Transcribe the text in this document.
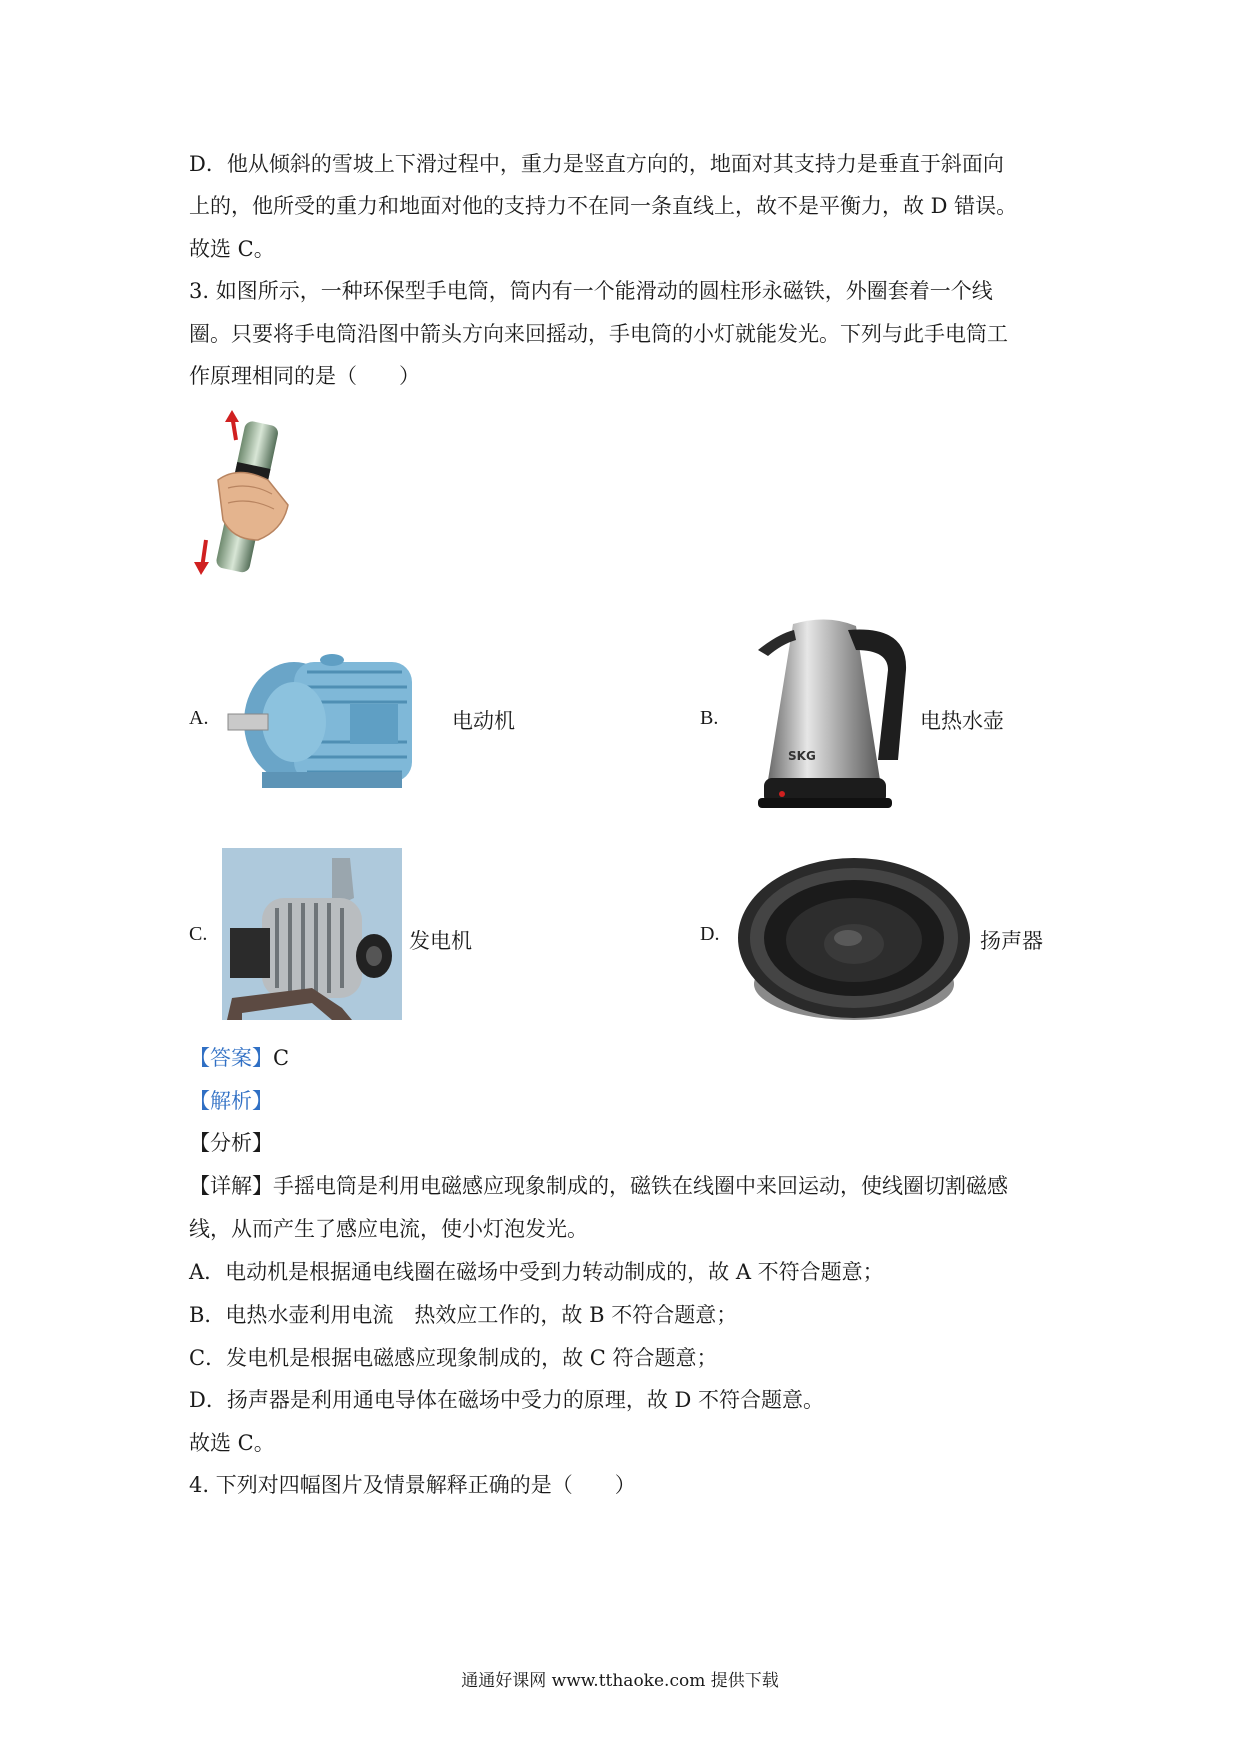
D．他从倾斜的雪坡上下滑过程中，重力是竖直方向的，地面对其支持力是垂直于斜面向
上的，他所受的重力和地面对他的支持力不在同一条直线上，故不是平衡力，故 D 错误。
故选 C。
3. 如图所示，一种环保型手电筒，筒内有一个能滑动的圆柱形永磁铁，外圈套着一个线
圈。只要将手电筒沿图中箭头方向来回摇动，手电筒的小灯就能发光。下列与此手电筒工
作原理相同的是（　　）
A.	电动机	B.
SKG
电热水壶
C.	发电机	D.	扬声器
【答案】C
【解析】
【分析】
【详解】手摇电筒是利用电磁感应现象制成的，磁铁在线圈中来回运动，使线圈切割磁感
线，从而产生了感应电流，使小灯泡发光。
A．电动机是根据通电线圈在磁场中受到力转动制成的，故 A 不符合题意；
B．电热水壶利用电流　热效应工作的，故 B 不符合题意；
C．发电机是根据电磁感应现象制成的，故 C 符合题意；
D．扬声器是利用通电导体在磁场中受力的原理，故 D 不符合题意。
故选 C。
4. 下列对四幅图片及情景解释正确的是（　　）
通通好课网 www.tthaoke.com 提供下载
